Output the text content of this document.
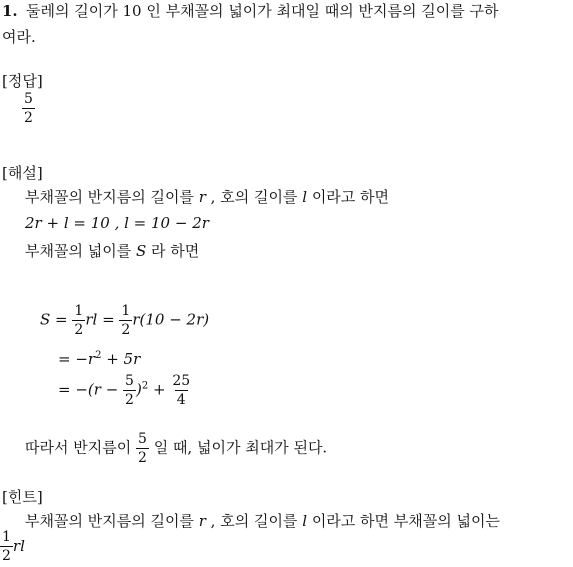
1. 둘레의 길이가 10 인 부채꼴의 넓이가 최대일 때의 반지름의 길이를 구하
여라.
[정답]
$\frac{5}{2}$
[해설]
부채꼴의 반지름의 길이를 r , 호의 길이를 l 이라고 하면
2r + l = 10 , l = 10 − 2r
부채꼴의 넓이를 S 라 하면
$S = \frac{1}{2}$ rl = $\frac{1}{2} r(10 - 2r)$
= $-r^2 + 5r$
= $-(r - \frac{5}{2} )^2 + \frac{25}{4}$
따라서 반지름이 $\frac{5}{2}$ 일 때, 넓이가 최대가 된다.
[힌트]
부채꼴의 반지름의 길이를 r , 호의 길이를 l 이라고 하면 부채꼴의 넓이는
$\frac{1}{2}$ rl
